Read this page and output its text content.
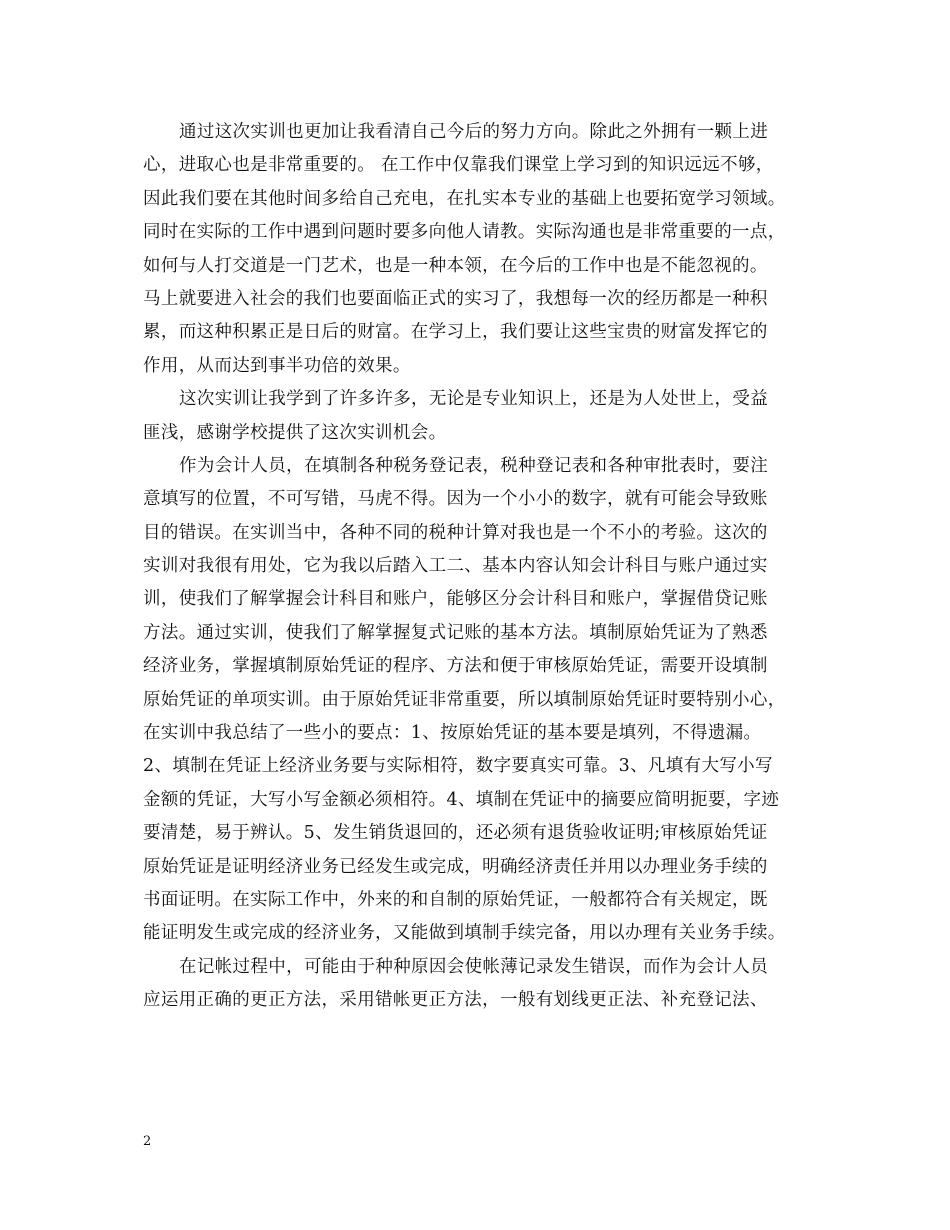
通过这次实训也更加让我看清自己今后的努力方向。除此之外拥有一颗上进
心，进取心也是非常重要的。 在工作中仅靠我们课堂上学习到的知识远远不够，
因此我们要在其他时间多给自己充电，在扎实本专业的基础上也要拓宽学习领域。
同时在实际的工作中遇到问题时要多向他人请教。实际沟通也是非常重要的一点，
如何与人打交道是一门艺术，也是一种本领，在今后的工作中也是不能忽视的。
马上就要进入社会的我们也要面临正式的实习了，我想每一次的经历都是一种积
累，而这种积累正是日后的财富。在学习上，我们要让这些宝贵的财富发挥它的
作用，从而达到事半功倍的效果。
这次实训让我学到了许多许多，无论是专业知识上，还是为人处世上，受益
匪浅，感谢学校提供了这次实训机会。
作为会计人员，在填制各种税务登记表，税种登记表和各种审批表时，要注
意填写的位置，不可写错，马虎不得。因为一个小小的数字，就有可能会导致账
目的错误。在实训当中，各种不同的税种计算对我也是一个不小的考验。这次的
实训对我很有用处，它为我以后踏入工二、基本内容认知会计科目与账户通过实
训，使我们了解掌握会计科目和账户，能够区分会计科目和账户，掌握借贷记账
方法。通过实训，使我们了解掌握复式记账的基本方法。填制原始凭证为了熟悉
经济业务，掌握填制原始凭证的程序、方法和便于审核原始凭证，需要开设填制
原始凭证的单项实训。由于原始凭证非常重要，所以填制原始凭证时要特别小心，
在实训中我总结了一些小的要点：1、按原始凭证的基本要是填列，不得遗漏。
2、填制在凭证上经济业务要与实际相符，数字要真实可靠。3、凡填有大写小写
金额的凭证，大写小写金额必须相符。4、填制在凭证中的摘要应简明扼要，字迹
要清楚，易于辨认。5、发生销货退回的，还必须有退货验收证明;审核原始凭证
原始凭证是证明经济业务已经发生或完成，明确经济责任并用以办理业务手续的
书面证明。在实际工作中，外来的和自制的原始凭证，一般都符合有关规定，既
能证明发生或完成的经济业务，又能做到填制手续完备，用以办理有关业务手续。
在记帐过程中，可能由于种种原因会使帐薄记录发生错误，而作为会计人员
应运用正确的更正方法，采用错帐更正方法，一般有划线更正法、补充登记法、
2
